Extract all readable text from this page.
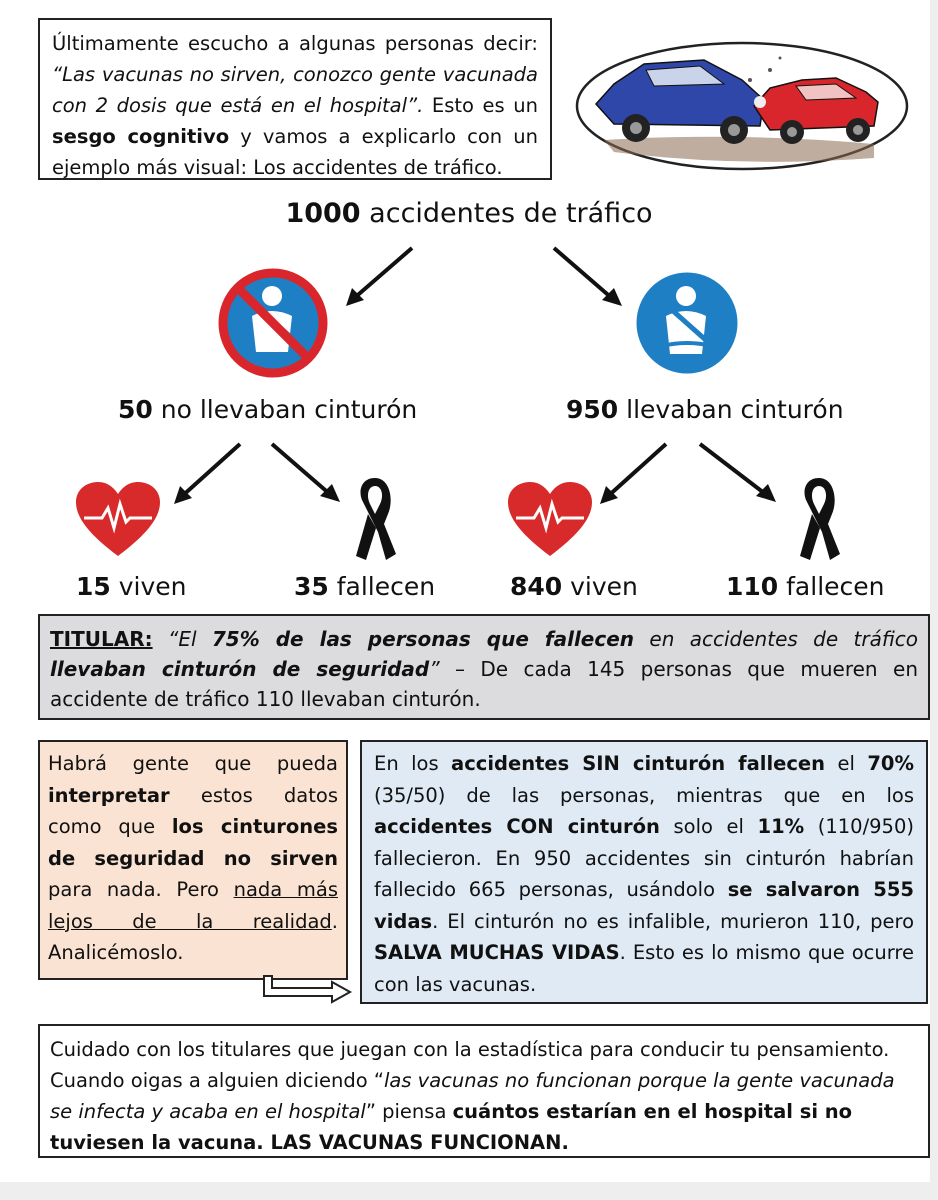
Últimamente escucho a algunas personas decir: “Las vacunas no sirven, conozco gente vacunada con 2 dosis que está en el hospital”. Esto es un sesgo cognitivo y vamos a explicarlo con un ejemplo más visual: Los accidentes de tráfico.
1000 accidentes de tráfico
50 no llevaban cinturón	950 llevaban cinturón
15 viven	35 fallecen	840 viven	110 fallecen
TITULAR: “El 75% de las personas que fallecen en accidentes de tráfico llevaban cinturón de seguridad” – De cada 145 personas que mueren en accidente de tráfico 110 llevaban cinturón.
Habrá gente que pueda interpretar estos datos como que los cinturones de seguridad no sirven para nada. Pero nada más lejos de la realidad. Analicémoslo.
En los accidentes SIN cinturón fallecen el 70% (35/50) de las personas, mientras que en los accidentes CON cinturón solo el 11% (110/950) fallecieron. En 950 accidentes sin cinturón habrían fallecido 665 personas, usándolo se salvaron 555 vidas. El cinturón no es infalible, murieron 110, pero SALVA MUCHAS VIDAS. Esto es lo mismo que ocurre con las vacunas.
Cuidado con los titulares que juegan con la estadística para conducir tu pensamiento. Cuando oigas a alguien diciendo “las vacunas no funcionan porque la gente vacunada se infecta y acaba en el hospital” piensa cuántos estarían en el hospital si no tuviesen la vacuna. LAS VACUNAS FUNCIONAN.
